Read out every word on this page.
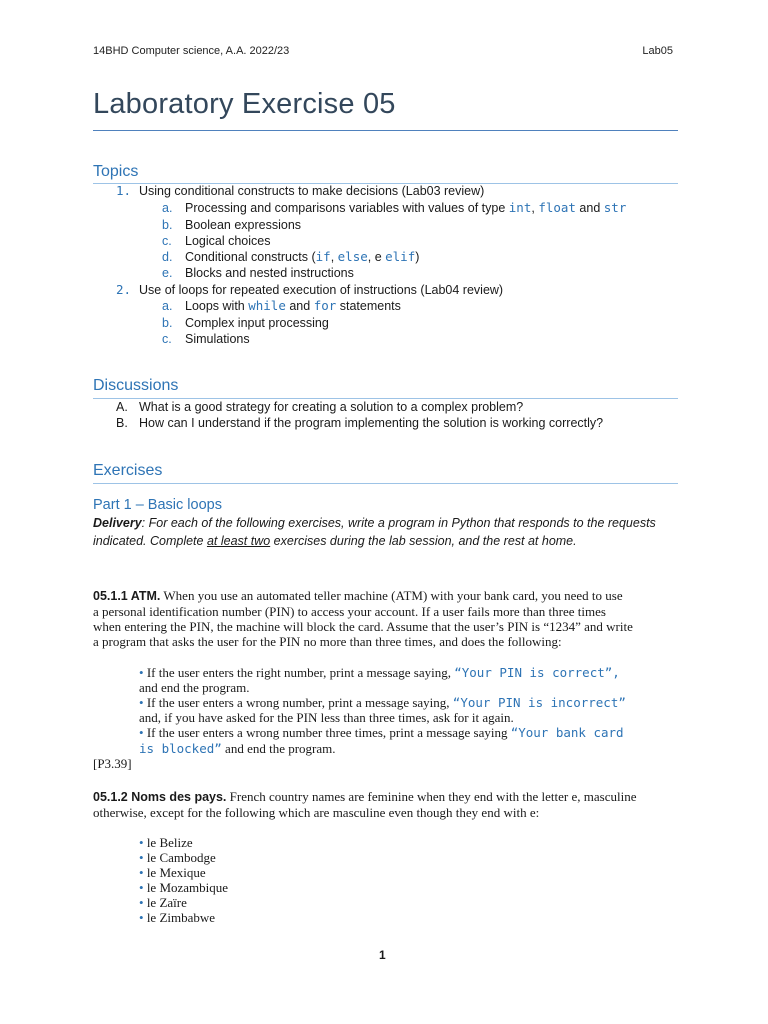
14BHD Computer science, A.A. 2022/23	Lab05
Laboratory Exercise 05
Topics
1. Using conditional constructs to make decisions (Lab03 review)
a. Processing and comparisons variables with values of type int, float and str
b. Boolean expressions
c. Logical choices
d. Conditional constructs (if, else, e elif)
e. Blocks and nested instructions
2. Use of loops for repeated execution of instructions (Lab04 review)
a. Loops with while and for statements
b. Complex input processing
c. Simulations
Discussions
A. What is a good strategy for creating a solution to a complex problem?
B. How can I understand if the program implementing the solution is working correctly?
Exercises
Part 1 – Basic loops
Delivery: For each of the following exercises, write a program in Python that responds to the requests
indicated. Complete at least two exercises during the lab session, and the rest at home.
05.1.1 ATM. When you use an automated teller machine (ATM) with your bank card, you need to use
a personal identification number (PIN) to access your account. If a user fails more than three times
when entering the PIN, the machine will block the card. Assume that the user’s PIN is “1234” and write
a program that asks the user for the PIN no more than three times, and does the following:
• If the user enters the right number, print a message saying, “Your PIN is correct”,
and end the program.
• If the user enters a wrong number, print a message saying, “Your PIN is incorrect”
and, if you have asked for the PIN less than three times, ask for it again.
• If the user enters a wrong number three times, print a message saying “Your bank card
is blocked” and end the program.
[P3.39]
05.1.2 Noms des pays. French country names are feminine when they end with the letter e, masculine
otherwise, except for the following which are masculine even though they end with e:
• le Belize
• le Cambodge
• le Mexique
• le Mozambique
• le Zaïre
• le Zimbabwe
1
